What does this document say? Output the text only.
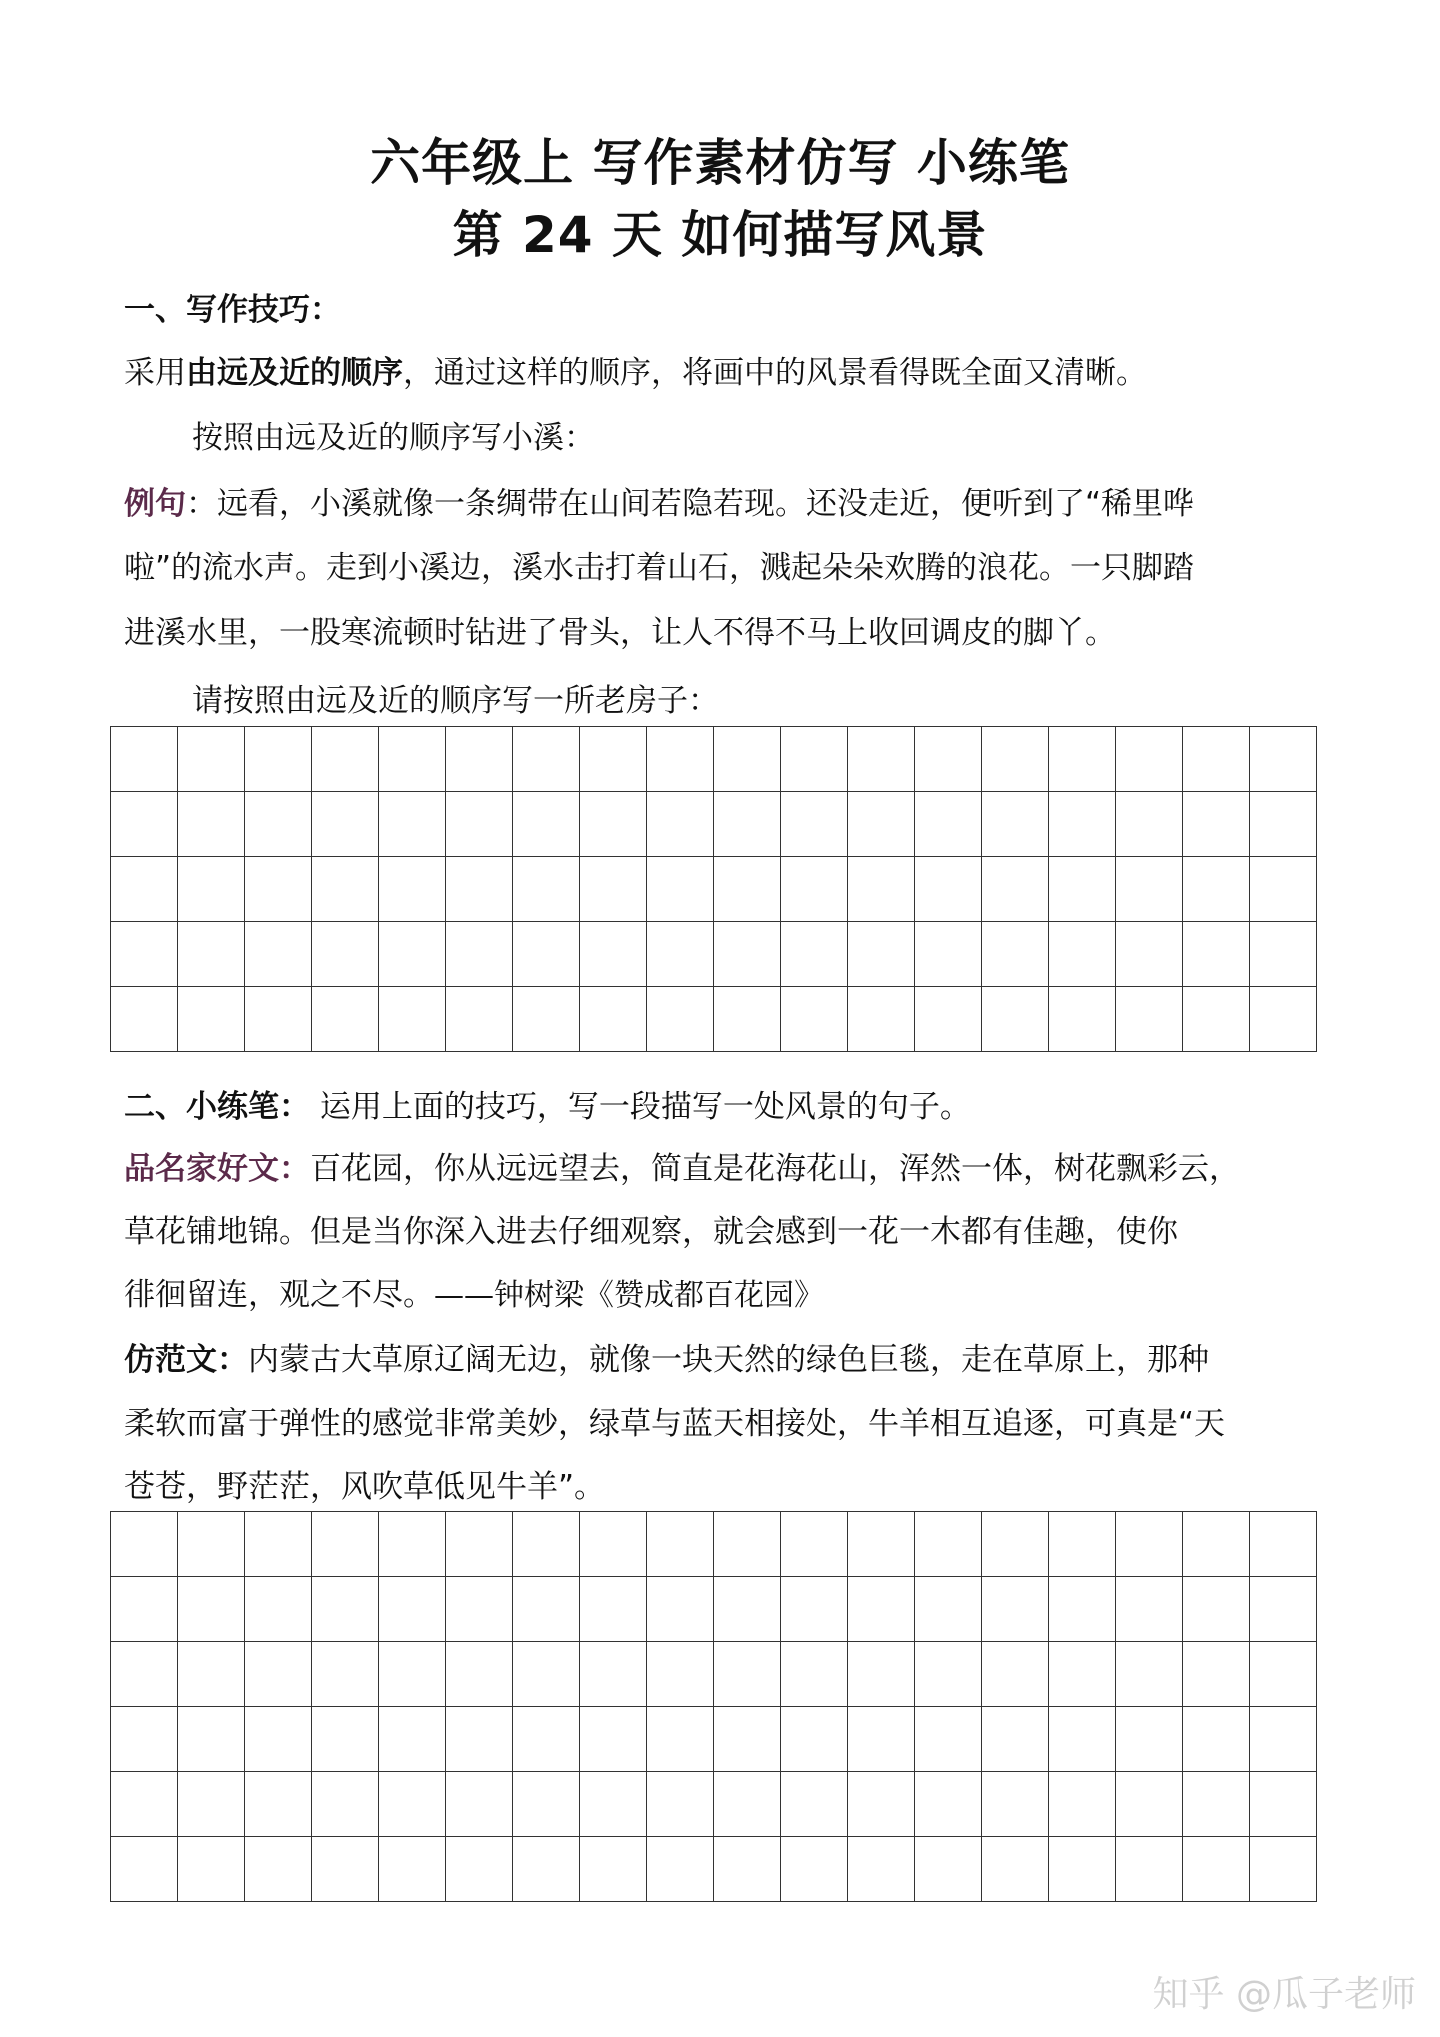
六年级上 写作素材仿写 小练笔
第 24 天 如何描写风景
一、写作技巧：
采用由远及近的顺序，通过这样的顺序，将画中的风景看得既全面又清晰。
按照由远及近的顺序写小溪：
例句：远看，小溪就像一条绸带在山间若隐若现。还没走近，便听到了“稀里哗
啦”的流水声。走到小溪边，溪水击打着山石，溅起朵朵欢腾的浪花。一只脚踏
进溪水里，一股寒流顿时钻进了骨头，让人不得不马上收回调皮的脚丫。
请按照由远及近的顺序写一所老房子：
二、小练笔： 运用上面的技巧，写一段描写一处风景的句子。
品名家好文：百花园，你从远远望去，简直是花海花山，浑然一体，树花飘彩云，
草花铺地锦。但是当你深入进去仔细观察，就会感到一花一木都有佳趣，使你
徘徊留连，观之不尽。——钟树梁《赞成都百花园》
仿范文：内蒙古大草原辽阔无边，就像一块天然的绿色巨毯，走在草原上，那种
柔软而富于弹性的感觉非常美妙，绿草与蓝天相接处，牛羊相互追逐，可真是“天
苍苍，野茫茫，风吹草低见牛羊”。
知乎 @瓜子老师
